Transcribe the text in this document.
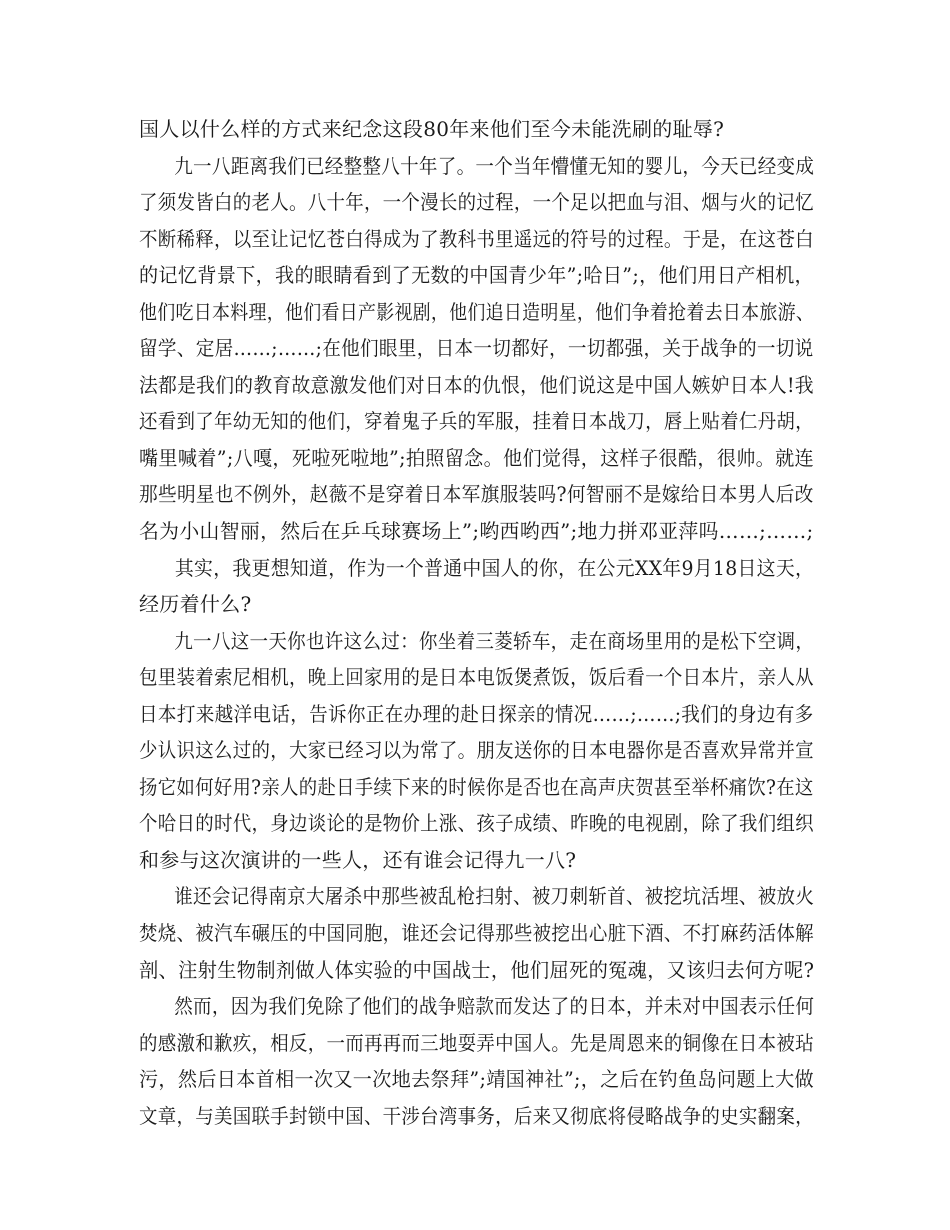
国人以什么样的方式来纪念这段80年来他们至今未能洗刷的耻辱?
九一八距离我们已经整整八十年了。一个当年懵懂无知的婴儿，今天已经变成
了须发皆白的老人。八十年，一个漫长的过程，一个足以把血与泪、烟与火的记忆
不断稀释，以至让记忆苍白得成为了教科书里遥远的符号的过程。于是，在这苍白
的记忆背景下，我的眼睛看到了无数的中国青少年”;哈日”;，他们用日产相机，
他们吃日本料理，他们看日产影视剧，他们追日造明星，他们争着抢着去日本旅游、
留学、定居……;……;在他们眼里，日本一切都好，一切都强，关于战争的一切说
法都是我们的教育故意激发他们对日本的仇恨，他们说这是中国人嫉妒日本人!我
还看到了年幼无知的他们，穿着鬼子兵的军服，挂着日本战刀，唇上贴着仁丹胡，
嘴里喊着”;八嘎，死啦死啦地”;拍照留念。他们觉得，这样子很酷，很帅。就连
那些明星也不例外，赵薇不是穿着日本军旗服装吗?何智丽不是嫁给日本男人后改
名为小山智丽，然后在乒乓球赛场上”;哟西哟西”;地力拼邓亚萍吗……;……;
其实，我更想知道，作为一个普通中国人的你，在公元XX年9月18日这天，
经历着什么?
九一八这一天你也许这么过：你坐着三菱轿车，走在商场里用的是松下空调，
包里装着索尼相机，晚上回家用的是日本电饭煲煮饭，饭后看一个日本片，亲人从
日本打来越洋电话，告诉你正在办理的赴日探亲的情况……;……;我们的身边有多
少认识这么过的，大家已经习以为常了。朋友送你的日本电器你是否喜欢异常并宣
扬它如何好用?亲人的赴日手续下来的时候你是否也在高声庆贺甚至举杯痛饮?在这
个哈日的时代，身边谈论的是物价上涨、孩子成绩、昨晚的电视剧，除了我们组织
和参与这次演讲的一些人，还有谁会记得九一八?
谁还会记得南京大屠杀中那些被乱枪扫射、被刀刺斩首、被挖坑活埋、被放火
焚烧、被汽车碾压的中国同胞，谁还会记得那些被挖出心脏下酒、不打麻药活体解
剖、注射生物制剂做人体实验的中国战士，他们屈死的冤魂，又该归去何方呢?
然而，因为我们免除了他们的战争赔款而发达了的日本，并未对中国表示任何
的感激和歉疚，相反，一而再再而三地耍弄中国人。先是周恩来的铜像在日本被玷
污，然后日本首相一次又一次地去祭拜”;靖国神社”;，之后在钓鱼岛问题上大做
文章，与美国联手封锁中国、干涉台湾事务，后来又彻底将侵略战争的史实翻案，
